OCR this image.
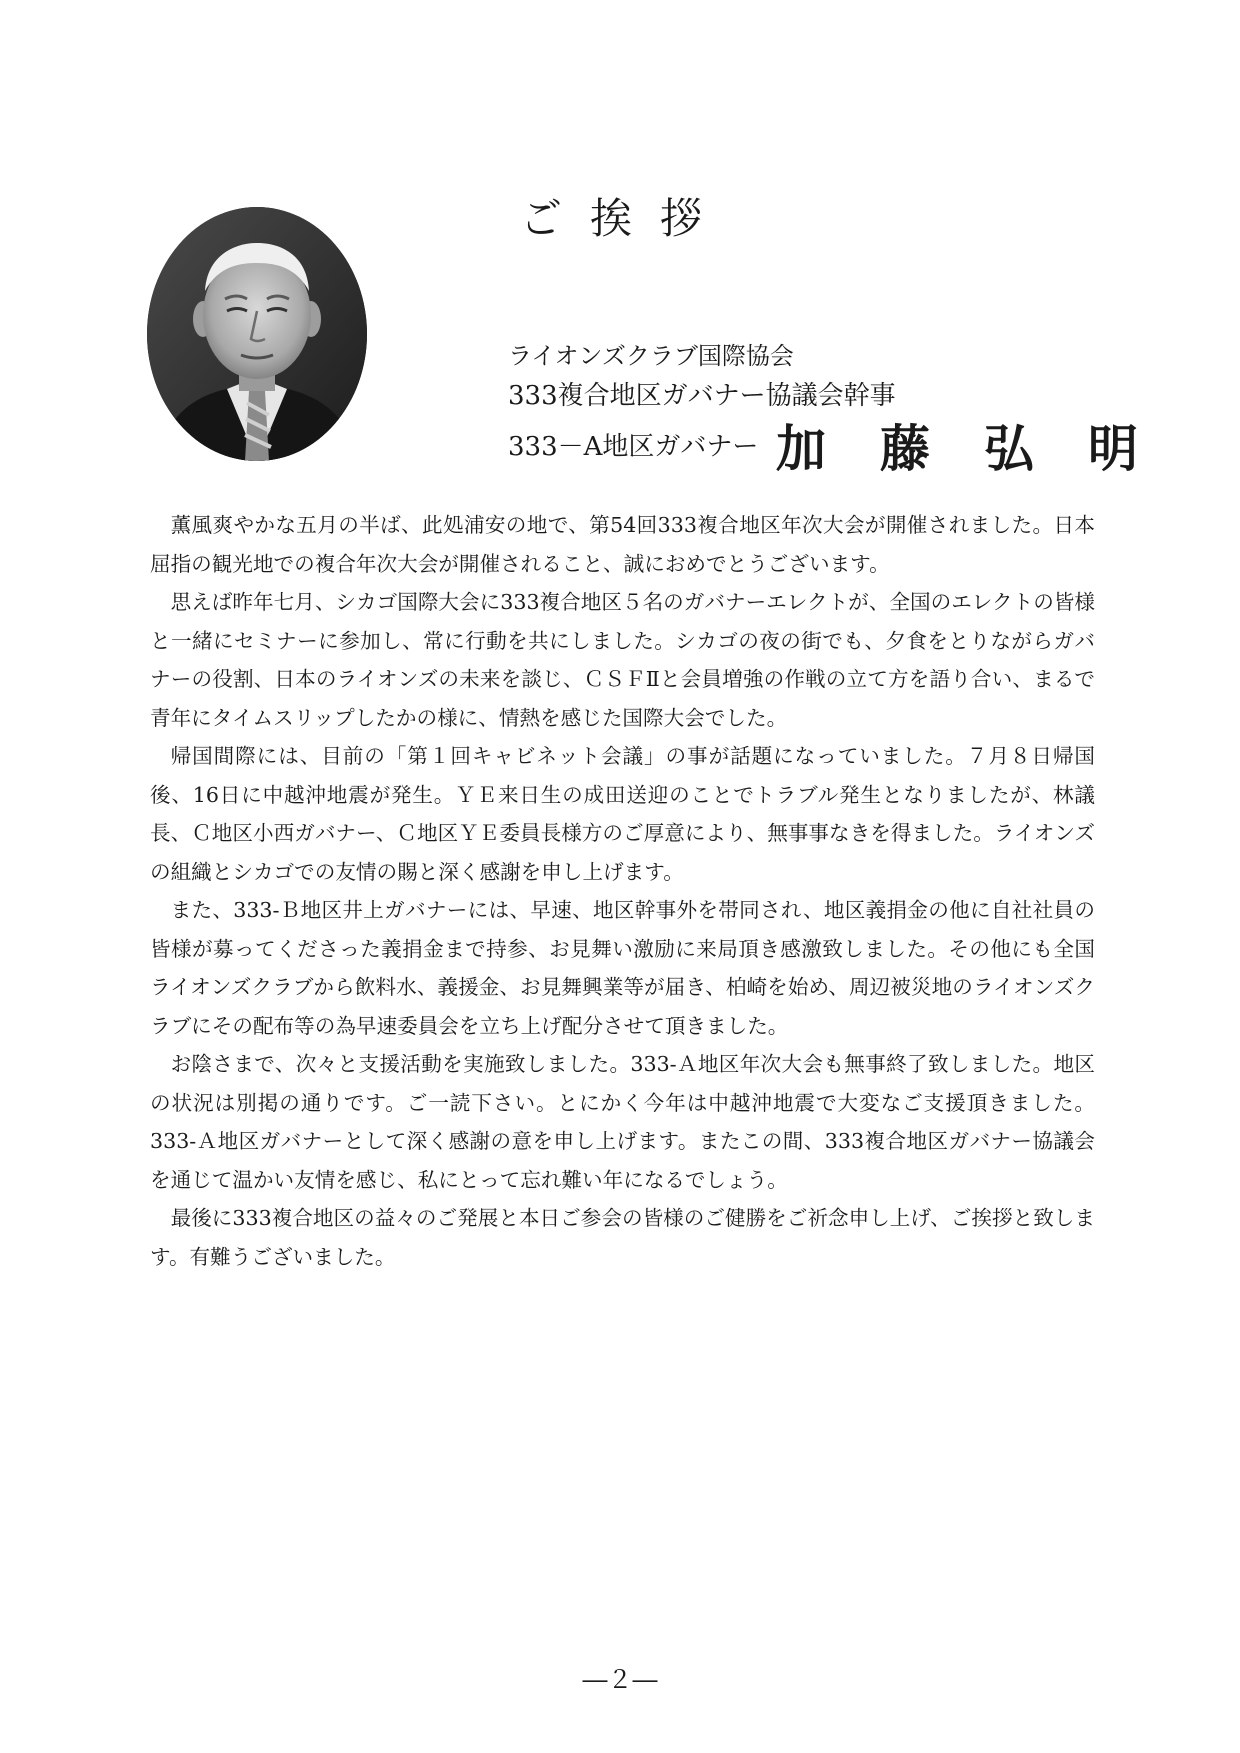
ご挨拶
ライオンズクラブ国際協会
333複合地区ガバナー協議会幹事
333－A地区ガバナー 加藤弘明

薫風爽やかな五月の半ば、此処浦安の地で、第54回333複合地区年次大会が開催されました。日本屈指の観光地での複合年次大会が開催されること、誠におめでとうございます。

思えば昨年七月、シカゴ国際大会に333複合地区５名のガバナーエレクトが、全国のエレクトの皆様と一緒にセミナーに参加し、常に行動を共にしました。シカゴの夜の街でも、夕食をとりながらガバナーの役割、日本のライオンズの未来を談じ、ＣＳＦⅡと会員増強の作戦の立て方を語り合い、まるで青年にタイムスリップしたかの様に、情熱を感じた国際大会でした。

帰国間際には、目前の「第１回キャビネット会議」の事が話題になっていました。７月８日帰国後、16日に中越沖地震が発生。ＹＥ来日生の成田送迎のことでトラブル発生となりましたが、林議長、Ｃ地区小西ガバナー、Ｃ地区ＹＥ委員長様方のご厚意により、無事事なきを得ました。ライオンズの組織とシカゴでの友情の賜と深く感謝を申し上げます。

また、333‐Ｂ地区井上ガバナーには、早速、地区幹事外を帯同され、地区義捐金の他に自社社員の皆様が募ってくださった義捐金まで持参、お見舞い激励に来局頂き感激致しました。その他にも全国ライオンズクラブから飲料水、義援金、お見舞興業等が届き、柏崎を始め、周辺被災地のライオンズクラブにその配布等の為早速委員会を立ち上げ配分させて頂きました。

お陰さまで、次々と支援活動を実施致しました。333‐Ａ地区年次大会も無事終了致しました。地区の状況は別掲の通りです。ご一読下さい。とにかく今年は中越沖地震で大変なご支援頂きました。333‐Ａ地区ガバナーとして深く感謝の意を申し上げます。またこの間、333複合地区ガバナー協議会を通じて温かい友情を感じ、私にとって忘れ難い年になるでしょう。

最後に333複合地区の益々のご発展と本日ご参会の皆様のご健勝をご祈念申し上げ、ご挨拶と致します。有難うございました。

―２―
